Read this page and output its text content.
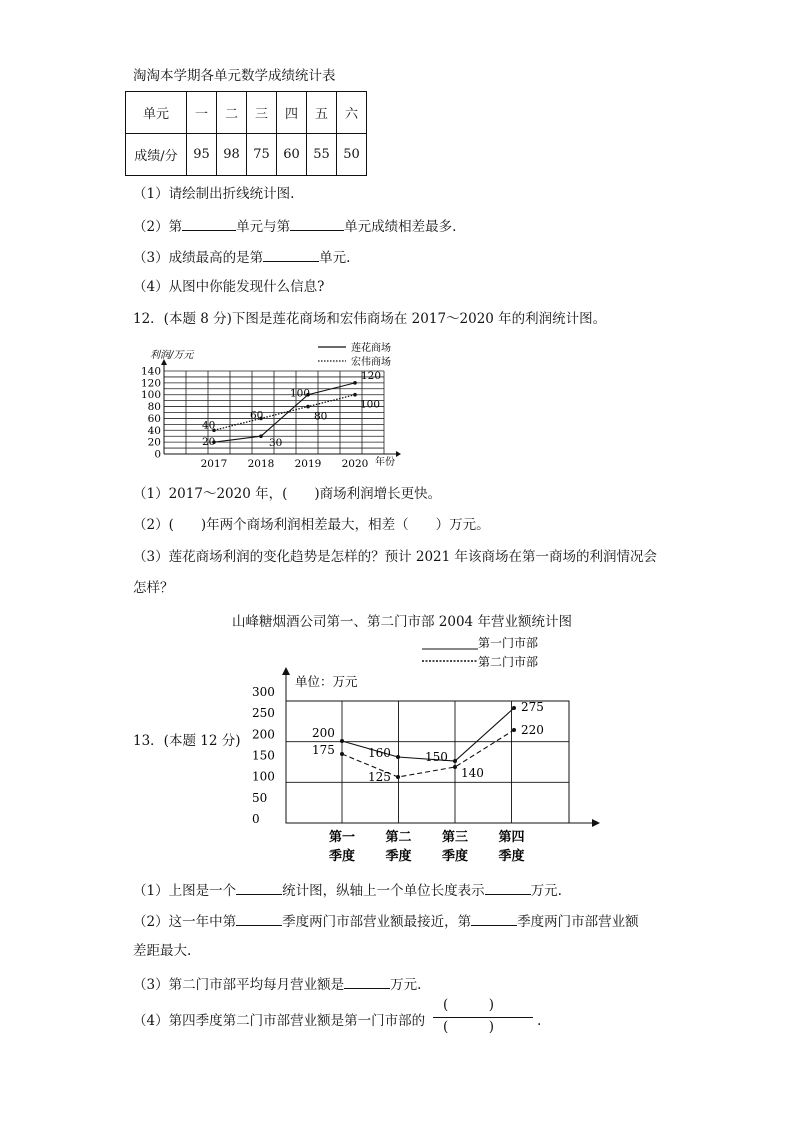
淘淘本学期各单元数学成绩统计表
单元	一	二	三	四	五	六
成绩/分	95	98	75	60	55	50
（1）请绘制出折线统计图.
（2）第	单元与第	单元成绩相差最多.
（3）成绩最高的是第	单元.
（4）从图中你能发现什么信息?
12．(本题 8 分)下图是莲花商场和宏伟商场在 2017～2020 年的利润统计图。
0
20
40
60
80
100
120
140
2017 2018 2019 2020
20	30
100
120
40
60	80
100
利润/万元
年份
莲花商场
宏伟商场
（1）2017～2020 年，(　　)商场利润增长更快。
（2）(　　)年两个商场利润相差最大，相差（　　）万元。
（3）莲花商场利润的变化趋势是怎样的？预计 2021 年该商场在第一商场的利润情况会
怎样？
山峰糖烟酒公司第一、第二门市部 2004 年营业额统计图
第一门市部
第二门市部
单位：万元
0
50
100
150
200
250
300
第一 第二 第三 第四
季度 季度 季度 季度
200
160	150
275
175
125	140
220
13．(本题 12 分)
（1）上图是一个	统计图，纵轴上一个单位长度表示	万元.
（2）这一年中第	季度两门市部营业额最接近，第	季度两门市部营业额
差距最大.
（3）第二门市部平均每月营业额是	万元.
（4）第四季度第二门市部营业额是第一门市部的
(　　　)
(　　　)	.
